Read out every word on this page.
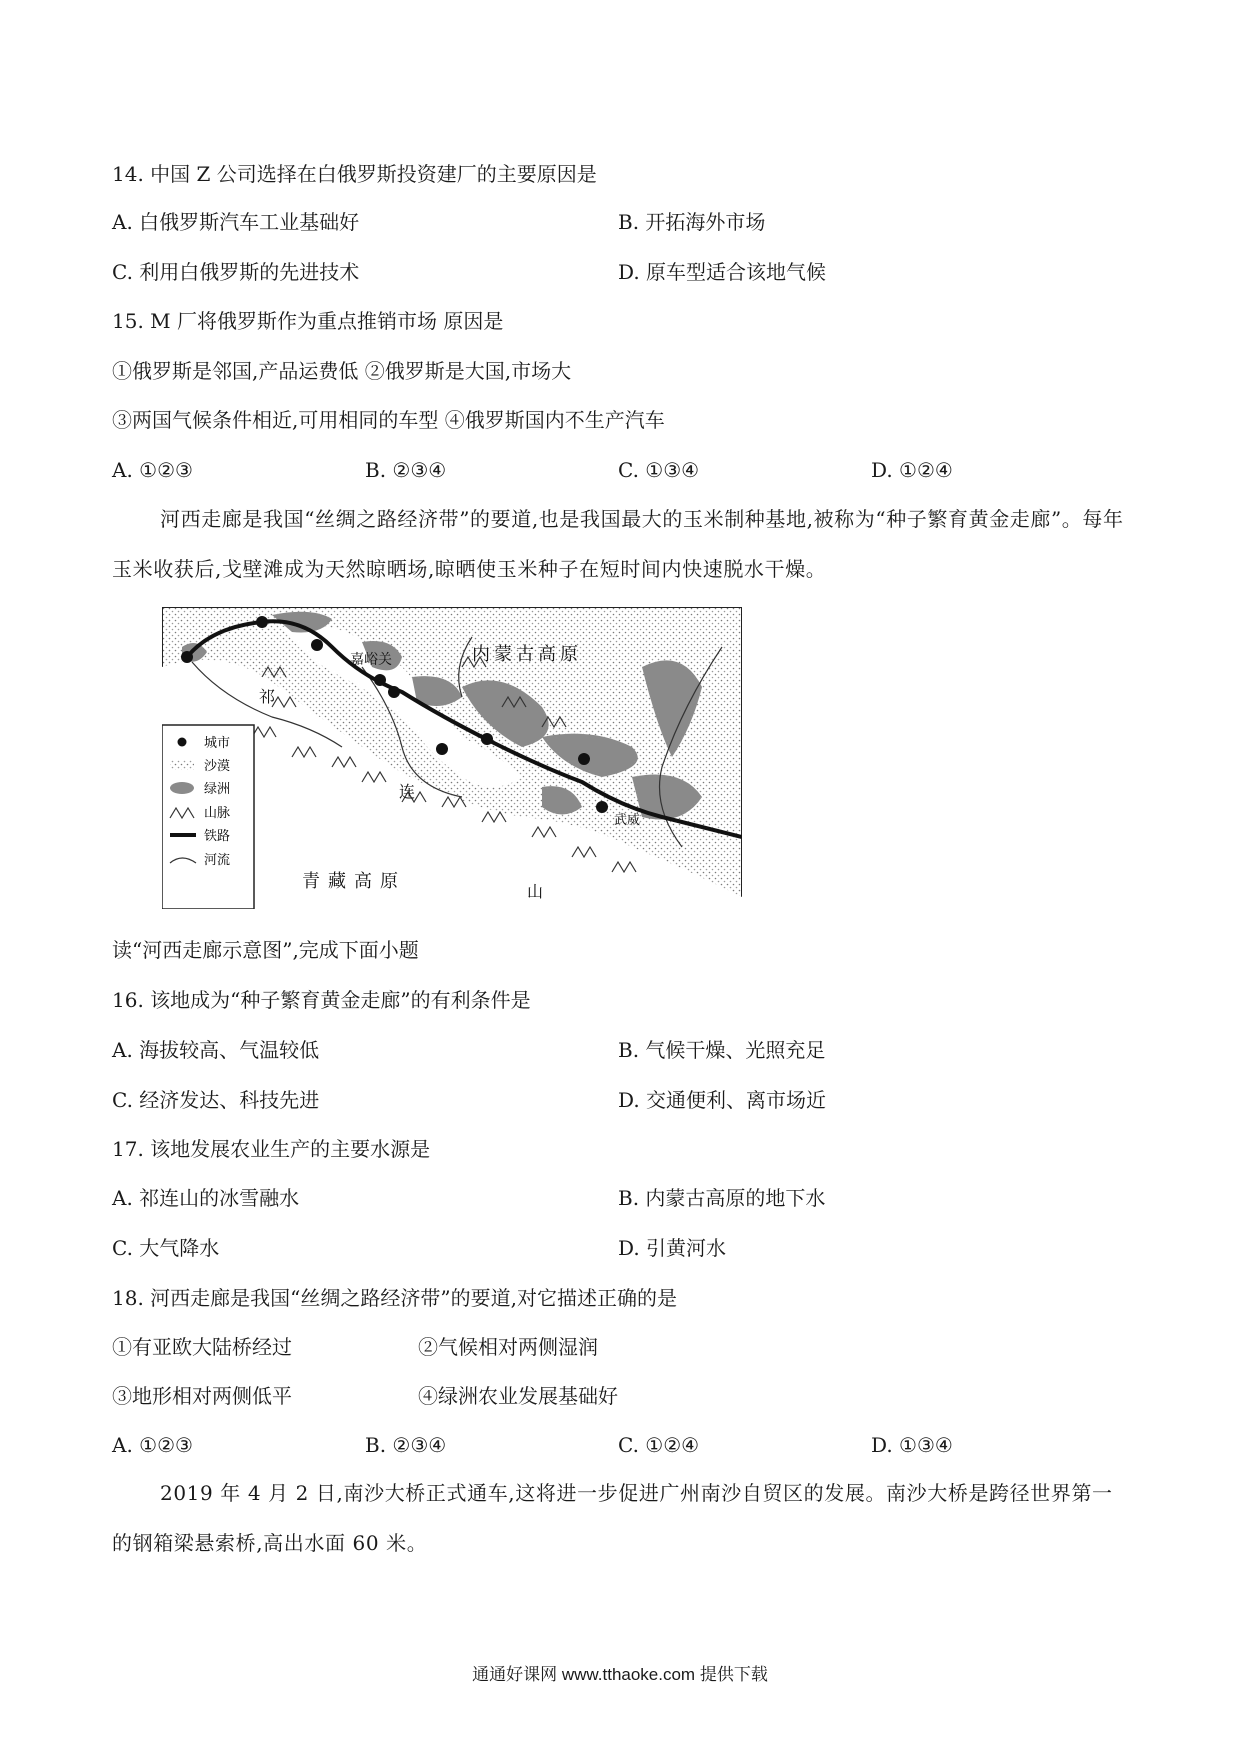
14. 中国 Z 公司选择在白俄罗斯投资建厂的主要原因是
A. 白俄罗斯汽车工业基础好	B. 开拓海外市场
C. 利用白俄罗斯的先进技术	D. 原车型适合该地气候
15. M 厂将俄罗斯作为重点推销市场 原因是
①俄罗斯是邻国,产品运费低 ②俄罗斯是大国,市场大
③两国气候条件相近,可用相同的车型 ④俄罗斯国内不生产汽车
A. ①②③	B. ②③④	C. ①③④	D. ①②④
河西走廊是我国“丝绸之路经济带”的要道,也是我国最大的玉米制种基地,被称为“种子繁育黄金走廊”。每年玉米收获后,戈壁滩成为天然晾晒场,晾晒使玉米种子在短时间内快速脱水干燥。
嘉峪关	内蒙古高原
青藏高原
祁
连
山
武威
城市
沙漠
绿洲
山脉
铁路
河流
读“河西走廊示意图”,完成下面小题
16. 该地成为“种子繁育黄金走廊”的有利条件是
A. 海拔较高、气温较低	B. 气候干燥、光照充足
C. 经济发达、科技先进	D. 交通便利、离市场近
17. 该地发展农业生产的主要水源是
A. 祁连山的冰雪融水	B. 内蒙古高原的地下水
C. 大气降水	D. 引黄河水
18. 河西走廊是我国“丝绸之路经济带”的要道,对它描述正确的是
①有亚欧大陆桥经过	②气候相对两侧湿润
③地形相对两侧低平	④绿洲农业发展基础好
A. ①②③	B. ②③④	C. ①②④	D. ①③④
2019 年 4 月 2 日,南沙大桥正式通车,这将进一步促进广州南沙自贸区的发展。南沙大桥是跨径世界第一的钢箱梁悬索桥,高出水面 60 米。
通通好课网 www.tthaoke.com 提供下载
